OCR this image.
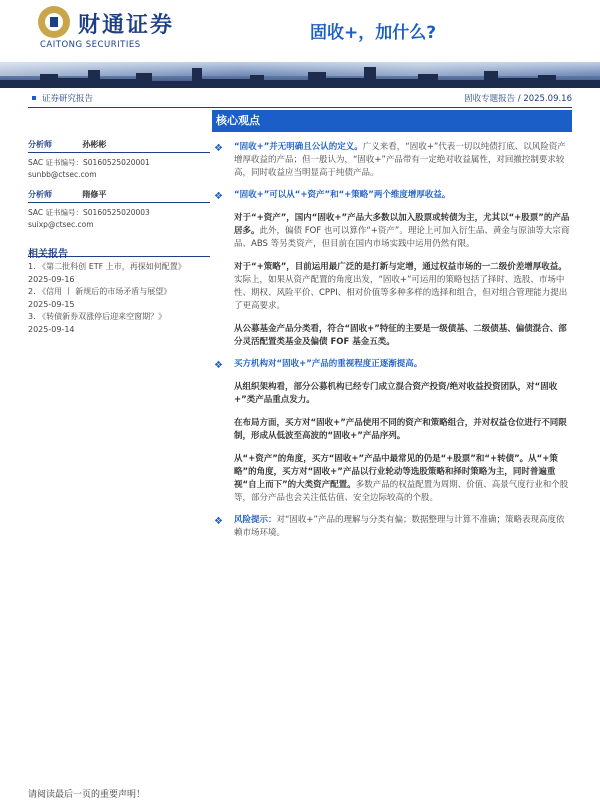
财通证券
CAITONG SECURITIES
固收+，加什么?
证券研究报告	固收专题报告 / 2025.09.16
分析师	孙彬彬
SAC 证书编号：S0160525020001
sunbb@ctsec.com
分析师	隋修平
SAC 证书编号：S0160525020003
suixp@ctsec.com
相关报告
1. 《第二批科创 ETF 上市，再探如何配置》
2025-09-16
2. 《信用 丨 新规后的市场矛盾与展望》
2025-09-15
3. 《转债新券双涨停后迎来空窗期？》
2025-09-14
核心观点
❖ “固收+”并无明确且公认的定义。广义来看，“固收+”代表一切以纯债打底、以风险资产增厚收益的产品；但一般认为，“固收+”产品带有一定绝对收益属性，对回撤控制要求较高，同时收益应当明显高于纯债产品。
❖ “固收+”可以从“+资产”和“+策略”两个维度增厚收益。
对于“+资产”，国内“固收+”产品大多数以加入股票或转债为主，尤其以“+股票”的产品居多。此外，偏债 FOF 也可以算作“+资产”。理论上可加入衍生品、黄金与原油等大宗商品、ABS 等另类资产，但目前在国内市场实践中运用仍然有限。
对于“+策略”，目前运用最广泛的是打新与定增，通过权益市场的一二级价差增厚收益。实际上，如果从资产配置的角度出发，“固收+”可运用的策略包括了择时、选股、市场中性、期权、风险平价、CPPI、相对价值等多种多样的选择和组合，但对组合管理能力提出了更高要求。
从公募基金产品分类看，符合“固收+”特征的主要是一级债基、二级债基、偏债混合、部分灵活配置类基金及偏债 FOF 基金五类。
❖ 买方机构对“固收+”产品的重视程度正逐渐提高。
从组织架构看，部分公募机构已经专门成立混合资产投资/绝对收益投资团队，对“固收+”类产品重点发力。
在布局方面，买方对“固收+”产品使用不同的资产和策略组合，并对权益仓位进行不同限制，形成从低波至高波的“固收+”产品序列。
从“+资产”的角度，买方“固收+”产品中最常见的仍是“+股票”和“+转债”。从“+策略”的角度，买方对“固收+”产品以行业轮动等选股策略和择时策略为主，同时普遍重视“自上而下”的大类资产配置。多数产品的权益配置为周期、价值、高景气度行业和个股等，部分产品也会关注低估值、安全边际较高的个股。
❖ 风险提示：对“固收+”产品的理解与分类有偏；数据整理与计算不准确；策略表现高度依赖市场环境。
请阅读最后一页的重要声明！
